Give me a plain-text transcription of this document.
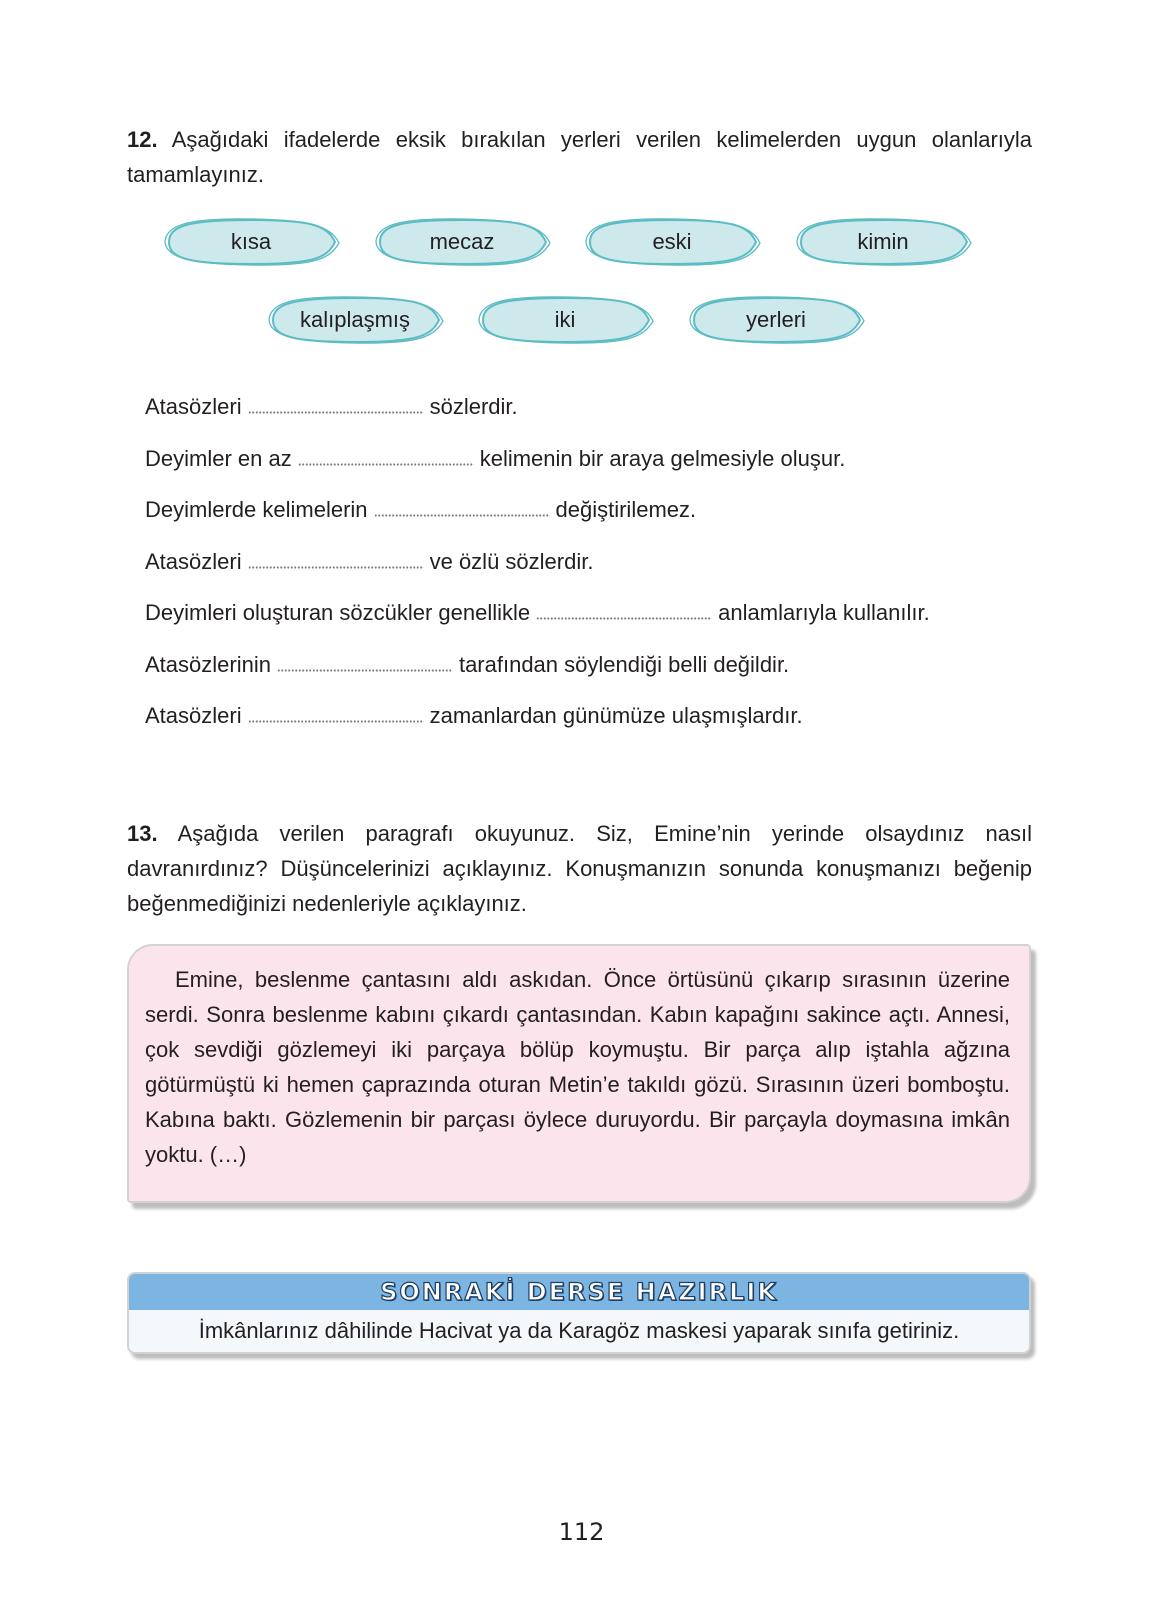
12. Aşağıdaki ifadelerde eksik bırakılan yerleri verilen kelimelerden uygun olanlarıyla tamamlayınız.
kısa	mecaz	eski	kimin
kalıplaşmış	iki	yerleri
Atasözleri	sözlerdir.
Deyimler en az	kelimenin bir araya gelmesiyle oluşur.
Deyimlerde kelimelerin	değiştirilemez.
Atasözleri	ve özlü sözlerdir.
Deyimleri oluşturan sözcükler genellikle	anlamlarıyla kullanılır.
Atasözlerinin	tarafından söylendiği belli değildir.
Atasözleri	zamanlardan günümüze ulaşmışlardır.
13. Aşağıda verilen paragrafı okuyunuz. Siz, Emine’nin yerinde olsaydınız nasıl davranırdınız? Düşüncelerinizi açıklayınız. Konuşmanızın sonunda konuşmanızı beğenip beğenmediğinizi nedenleriyle açıklayınız.
Emine, beslenme çantasını aldı askıdan. Önce örtüsünü çıkarıp sırasının üzerine serdi. Sonra beslenme kabını çıkardı çantasından. Kabın kapağını sakince açtı. Annesi, çok sevdiği gözlemeyi iki parçaya bölüp koymuştu. Bir parça alıp iştahla ağzına götürmüştü ki hemen çaprazında oturan Metin’e takıldı gözü. Sırasının üzeri bomboştu. Kabına baktı. Gözlemenin bir parçası öylece duruyordu. Bir parçayla doymasına imkân yoktu. (…)
SONRAKİ DERSE HAZIRLIK
İmkânlarınız dâhilinde Hacivat ya da Karagöz maskesi yaparak sınıfa getiriniz.
112
